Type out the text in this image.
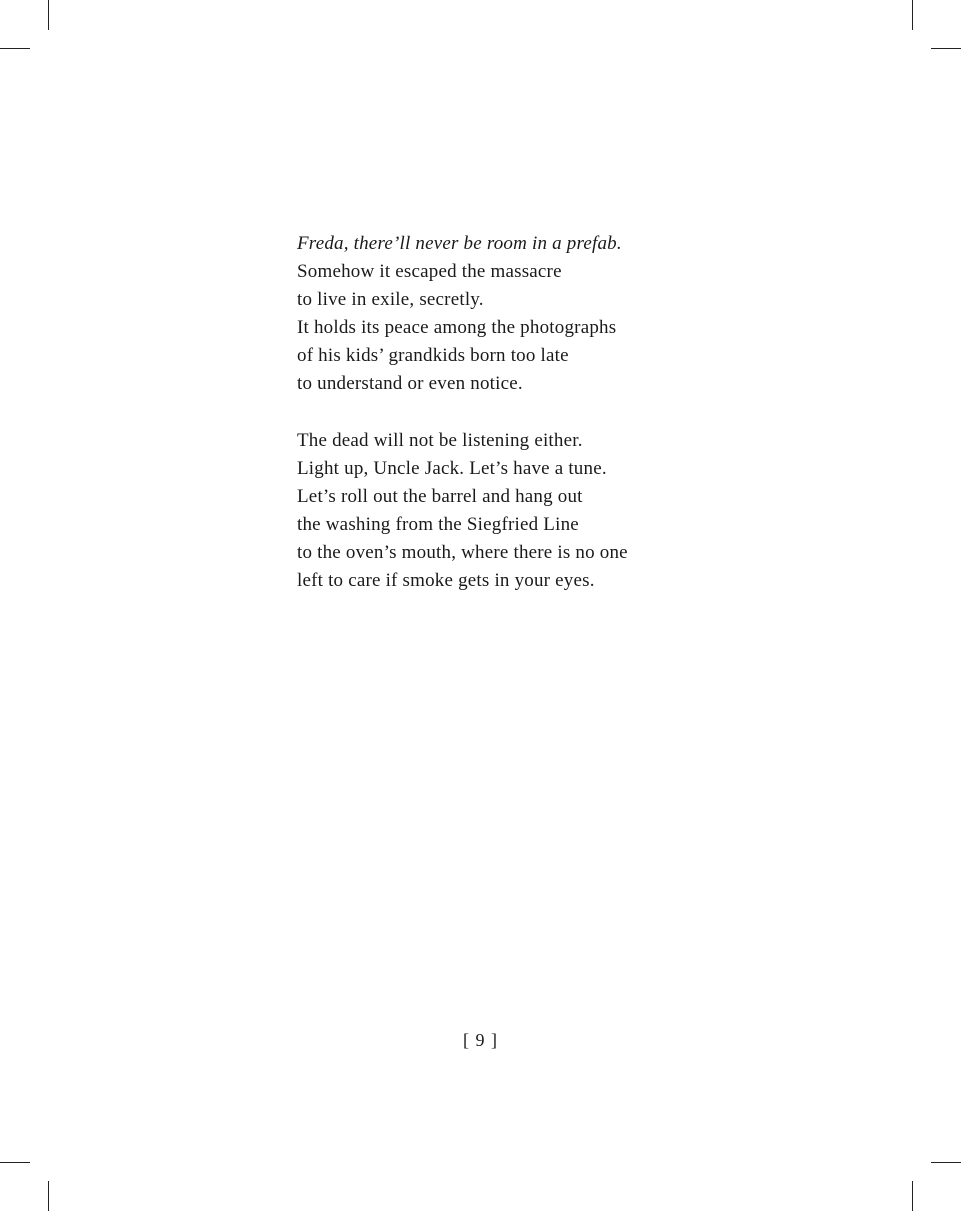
Freda, there’ll never be room in a prefab.
Somehow it escaped the massacre
to live in exile, secretly.
It holds its peace among the photographs
of his kids’ grandkids born too late
to understand or even notice.
The dead will not be listening either.
Light up, Uncle Jack. Let’s have a tune.
Let’s roll out the barrel and hang out
the washing from the Siegfried Line
to the oven’s mouth, where there is no one
left to care if smoke gets in your eyes.
[ 9 ]
